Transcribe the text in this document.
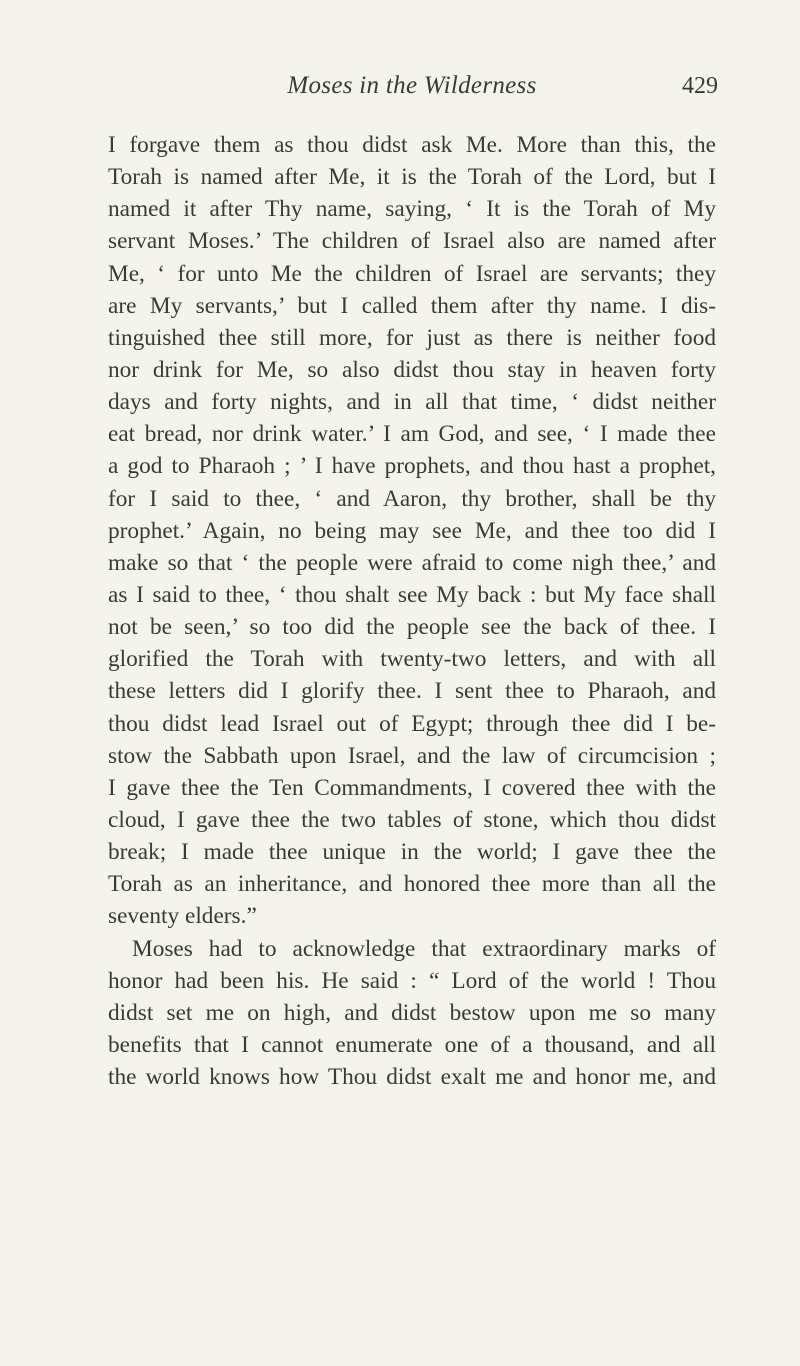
Moses in the Wilderness	429
I forgave them as thou didst ask Me. More than this, the
Torah is named after Me, it is the Torah of the Lord, but I
named it after Thy name, saying, ‘ It is the Torah of My
servant Moses.’ The children of Israel also are named after
Me, ‘ for unto Me the children of Israel are servants; they
are My servants,’ but I called them after thy name. I dis-
tinguished thee still more, for just as there is neither food
nor drink for Me, so also didst thou stay in heaven forty
days and forty nights, and in all that time, ‘ didst neither
eat bread, nor drink water.’ I am God, and see, ‘ I made thee
a god to Pharaoh ; ’ I have prophets, and thou hast a prophet,
for I said to thee, ‘ and Aaron, thy brother, shall be thy
prophet.’ Again, no being may see Me, and thee too did I
make so that ‘ the people were afraid to come nigh thee,’ and
as I said to thee, ‘ thou shalt see My back : but My face shall
not be seen,’ so too did the people see the back of thee. I
glorified the Torah with twenty-two letters, and with all
these letters did I glorify thee. I sent thee to Pharaoh, and
thou didst lead Israel out of Egypt; through thee did I be-
stow the Sabbath upon Israel, and the law of circumcision ;
I gave thee the Ten Commandments, I covered thee with the
cloud, I gave thee the two tables of stone, which thou didst
break; I made thee unique in the world; I gave thee the
Torah as an inheritance, and honored thee more than all the
seventy elders.”
Moses had to acknowledge that extraordinary marks of
honor had been his. He said : “ Lord of the world ! Thou
didst set me on high, and didst bestow upon me so many
benefits that I cannot enumerate one of a thousand, and all
the world knows how Thou didst exalt me and honor me, and
